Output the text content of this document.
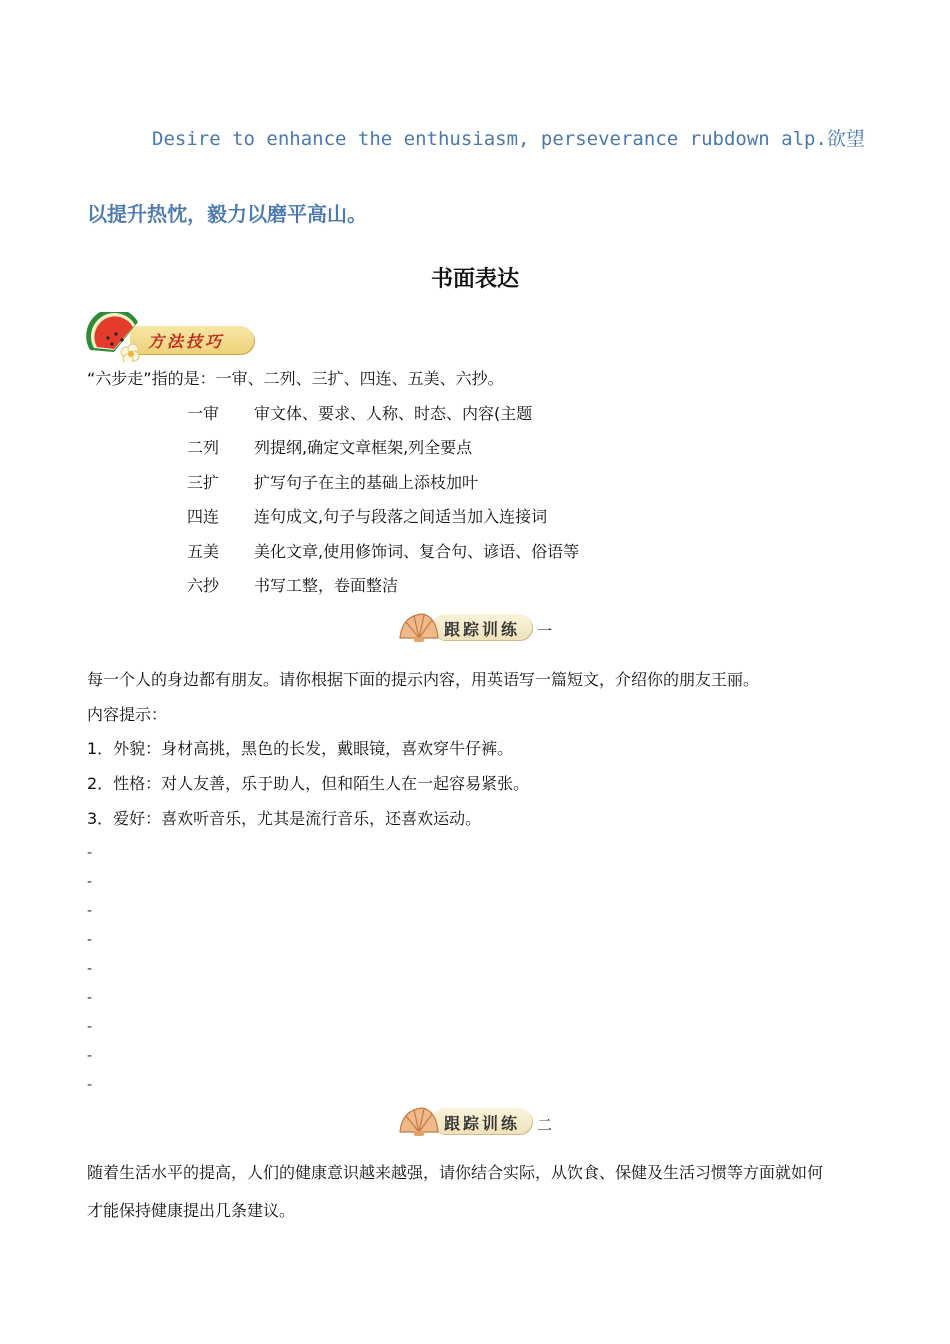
Desire to enhance the enthusiasm, perseverance rubdown alp.欲望
以提升热忱，毅力以磨平高山。
书面表达
方法技巧
“六步走”指的是：一审、二列、三扩、四连、五美、六抄。
一审 审文体、要求、人称、时态、内容(主题
二列 列提纲,确定文章框架,列全要点
三扩 扩写句子在主的基础上添枝加叶
四连 连句成文,句子与段落之间适当加入连接词
五美 美化文章,使用修饰词、复合句、谚语、俗语等
六抄 书写工整，卷面整洁
跟踪训练 一
每一个人的身边都有朋友。请你根据下面的提示内容，用英语写一篇短文，介绍你的朋友王丽。
内容提示：
1．外貌：身材高挑，黑色的长发，戴眼镜，喜欢穿牛仔裤。
2．性格：对人友善，乐于助人，但和陌生人在一起容易紧张。
3．爱好：喜欢听音乐，尤其是流行音乐，还喜欢运动。
-
-
-
-
-
-
-
-
-
跟踪训练 二
随着生活水平的提高，人们的健康意识越来越强，请你结合实际，从饮食、保健及生活习惯等方面就如何
才能保持健康提出几条建议。
